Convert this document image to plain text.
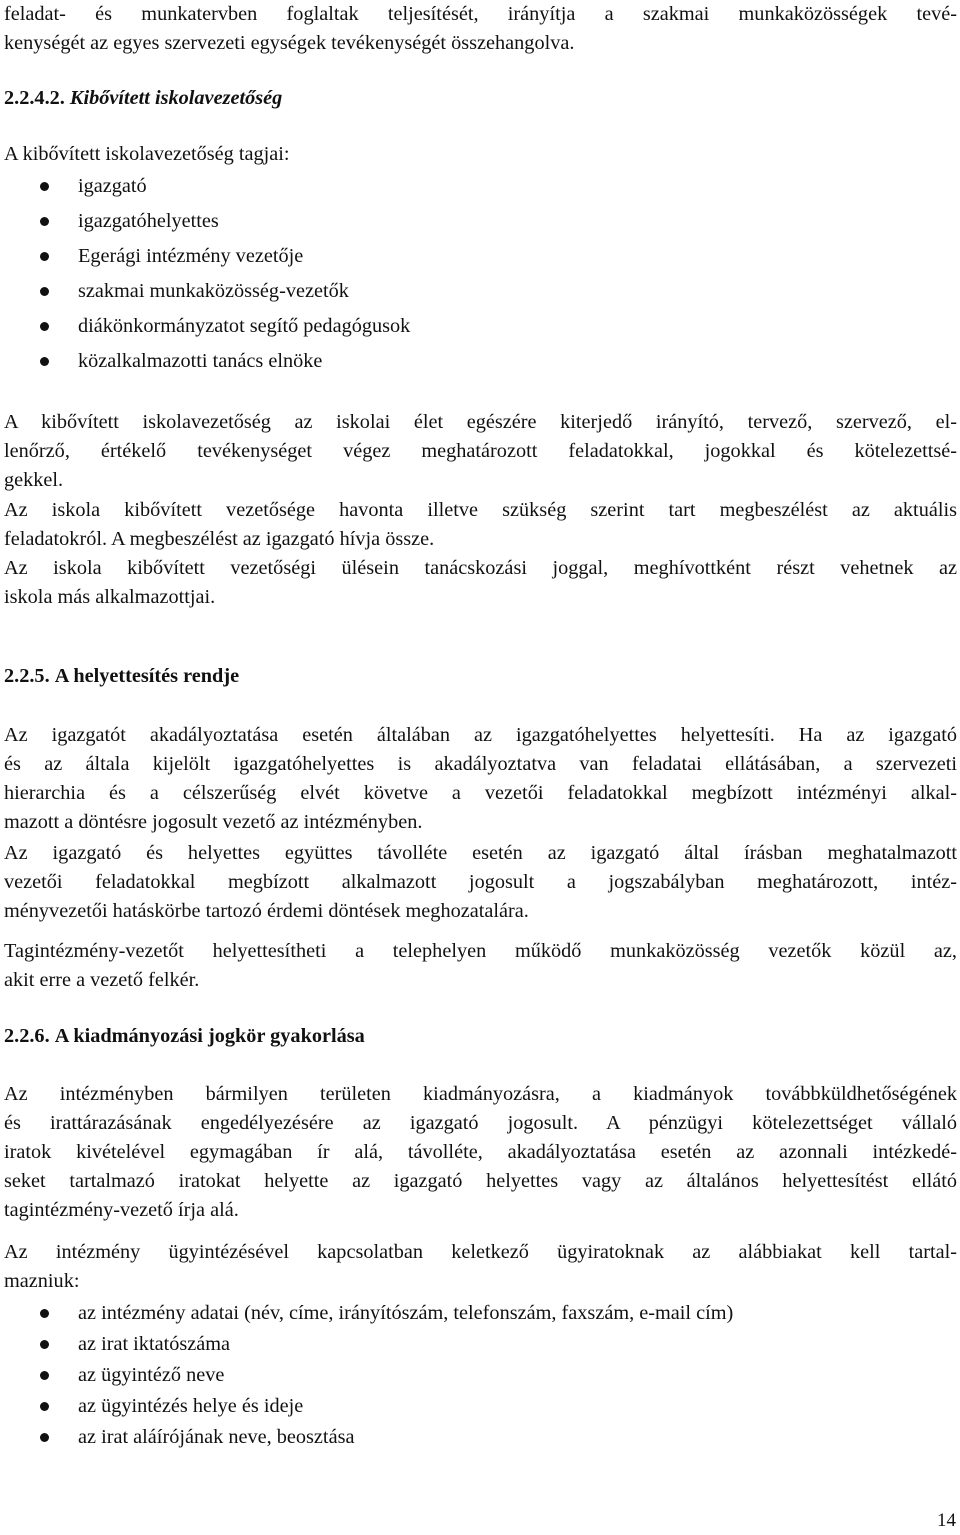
feladat- és munkatervben foglaltak teljesítését, irányítja a szakmai munkaközösségek tevé-
kenységét az egyes szervezeti egységek tevékenységét összehangolva.

2.2.4.2. Kibővített iskolavezetőség

A kibővített iskolavezetőség tagjai:

igazgató
igazgatóhelyettes
Egerági intézmény vezetője
szakmai munkaközösség-vezetők
diákönkormányzatot segítő pedagógusok
közalkalmazotti tanács elnöke

A kibővített iskolavezetőség az iskolai élet egészére kiterjedő irányító, tervező, szervező, el-
lenőrző, értékelő tevékenységet végez meghatározott feladatokkal, jogokkal és kötelezettsé-
gekkel.

Az iskola kibővített vezetősége havonta illetve szükség szerint tart megbeszélést az aktuális
feladatokról. A megbeszélést az igazgató hívja össze.

Az iskola kibővített vezetőségi ülésein tanácskozási joggal, meghívottként részt vehetnek az
iskola más alkalmazottjai.

2.2.5. A helyettesítés rendje

Az igazgatót akadályoztatása esetén általában az igazgatóhelyettes helyettesíti. Ha az igazgató
és az általa kijelölt igazgatóhelyettes is akadályoztatva van feladatai ellátásában, a szervezeti
hierarchia és a célszerűség elvét követve a vezetői feladatokkal megbízott intézményi alkal-
mazott a döntésre jogosult vezető az intézményben.

Az igazgató és helyettes együttes távolléte esetén az igazgató által írásban meghatalmazott
vezetői feladatokkal megbízott alkalmazott jogosult a jogszabályban meghatározott, intéz-
ményvezetői hatáskörbe tartozó érdemi döntések meghozatalára.

Tagintézmény-vezetőt helyettesítheti a telephelyen működő munkaközösség vezetők közül az,
akit erre a vezető felkér.

2.2.6. A kiadmányozási jogkör gyakorlása

Az intézményben bármilyen területen kiadmányozásra, a kiadmányok továbbküldhetőségének
és irattárazásának engedélyezésére az igazgató jogosult. A pénzügyi kötelezettséget vállaló
iratok kivételével egymagában ír alá, távolléte, akadályoztatása esetén az azonnali intézkedé-
seket tartalmazó iratokat helyette az igazgató helyettes vagy az általános helyettesítést ellátó
tagintézmény-vezető írja alá.

Az intézmény ügyintézésével kapcsolatban keletkező ügyiratoknak az alábbiakat kell tartal-
mazniuk:

az intézmény adatai (név, címe, irányítószám, telefonszám, faxszám, e-mail cím)
az irat iktatószáma
az ügyintéző neve
az ügyintézés helye és ideje
az irat aláírójának neve, beosztása
14
